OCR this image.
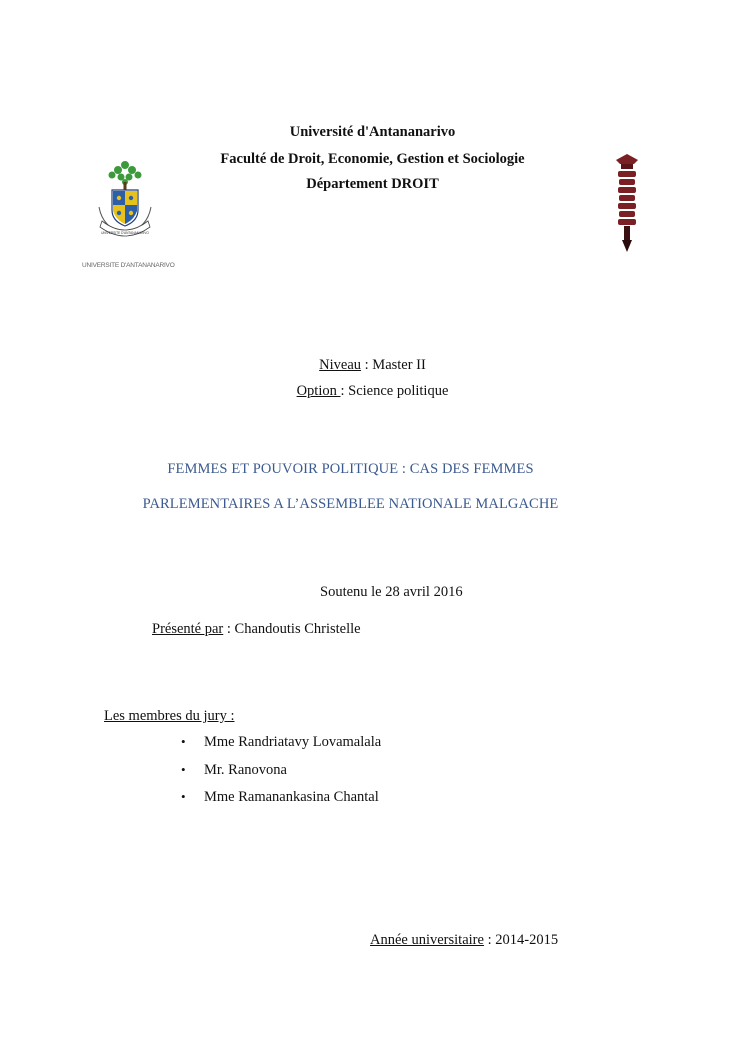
Université d'Antananarivo
Faculté de Droit, Economie, Gestion et Sociologie
Département DROIT
UNIVERSITE D'ANTANANARIVO
UNIVERSITE D'ANTANANARIVO
Niveau : Master II
Option : Science politique
FEMMES ET POUVOIR POLITIQUE : CAS DES FEMMES
PARLEMENTAIRES A L’ASSEMBLEE NATIONALE MALGACHE
Soutenu le 28 avril 2016
Présenté par : Chandoutis Christelle
Les membres du jury :
• Mme Randriatavy Lovamalala
• Mr. Ranovona
• Mme Ramanankasina Chantal
Année universitaire : 2014-2015
